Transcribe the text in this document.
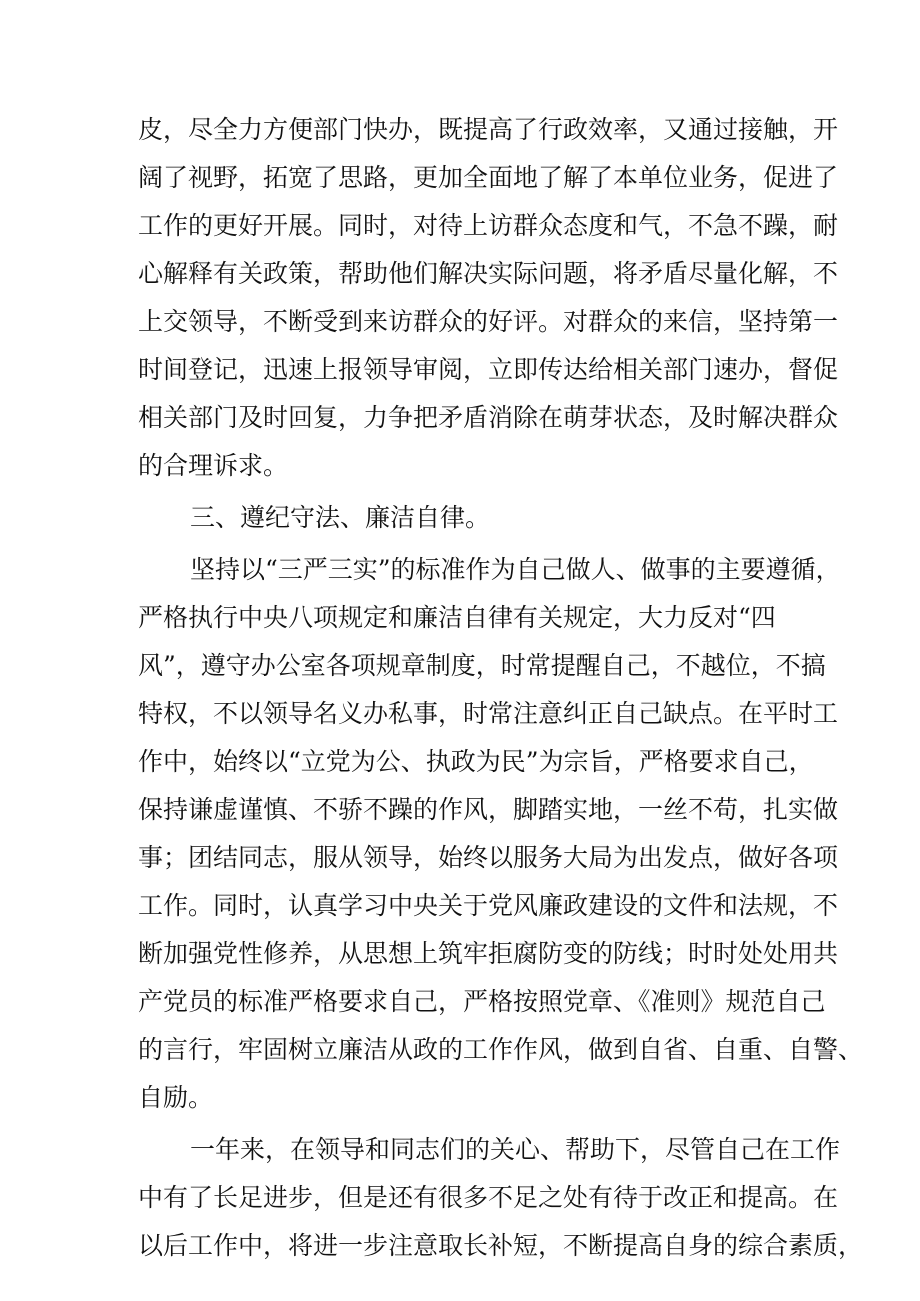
皮，尽全力方便部门快办，既提高了行政效率，又通过接触，开
阔了视野，拓宽了思路，更加全面地了解了本单位业务，促进了
工作的更好开展。同时，对待上访群众态度和气，不急不躁，耐
心解释有关政策，帮助他们解决实际问题，将矛盾尽量化解，不
上交领导，不断受到来访群众的好评。对群众的来信，坚持第一
时间登记，迅速上报领导审阅，立即传达给相关部门速办，督促
相关部门及时回复，力争把矛盾消除在萌芽状态，及时解决群众
的合理诉求。
三、遵纪守法、廉洁自律。
坚持以“三严三实”的标准作为自己做人、做事的主要遵循，
严格执行中央八项规定和廉洁自律有关规定，大力反对“四
风”，遵守办公室各项规章制度，时常提醒自己，不越位，不搞
特权，不以领导名义办私事，时常注意纠正自己缺点。在平时工
作中，始终以“立党为公、执政为民”为宗旨，严格要求自己，
保持谦虚谨慎、不骄不躁的作风，脚踏实地，一丝不苟，扎实做
事；团结同志，服从领导，始终以服务大局为出发点，做好各项
工作。同时，认真学习中央关于党风廉政建设的文件和法规，不
断加强党性修养，从思想上筑牢拒腐防变的防线；时时处处用共
产党员的标准严格要求自己，严格按照党章、《准则》规范自己
的言行，牢固树立廉洁从政的工作作风，做到自省、自重、自警、
自励。
一年来，在领导和同志们的关心、帮助下，尽管自己在工作
中有了长足进步，但是还有很多不足之处有待于改正和提高。在
以后工作中，将进一步注意取长补短，不断提高自身的综合素质，
